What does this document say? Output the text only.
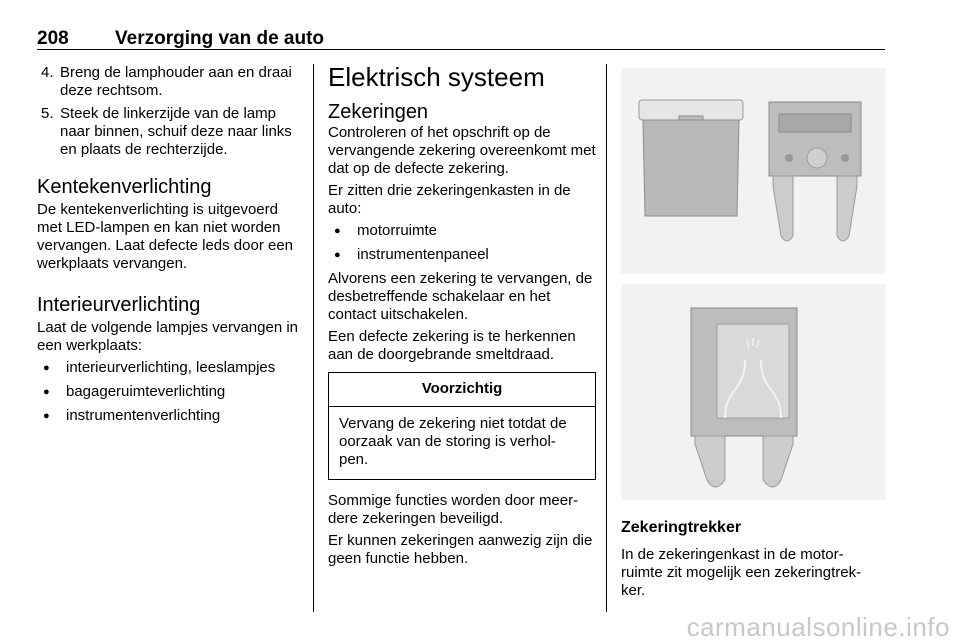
208 Verzorging van de auto
4. Breng de lamphouder aan en draai deze rechtsom.
5. Steek de linkerzijde van de lamp naar binnen, schuif deze naar links en plaats de rechterzijde.
Kentekenverlichting

De kentekenverlichting is uitgevoerd met LED-lampen en kan niet worden vervangen. Laat defecte leds door een werkplaats vervangen.

Interieurverlichting

Laat de volgende lampjes vervangen in een werkplaats:

● interieurverlichting, leeslampjes
● bagageruimteverlichting
● instrumentenverlichting
Elektrisch systeem
Zekeringen

Controleren of het opschrift op de vervangende zekering overeenkomt met dat op de defecte zekering.

Er zitten drie zekeringenkasten in de auto:

● motorruimte
● instrumentenpaneel

Alvorens een zekering te vervangen, de desbetreffende schakelaar en het contact uitschakelen.

Een defecte zekering is te herkennen aan de doorgebrande smeltdraad.

Voorzichtig
Vervang de zekering niet totdat de oorzaak van de storing is verhol- pen.

Sommige functies worden door meer- dere zekeringen beveiligd.

Er kunnen zekeringen aanwezig zijn die geen functie hebben.

Zekeringtrekker

In de zekeringenkast in de motor- ruimte zit mogelijk een zekeringtrek- ker.

carmanualsonline.info
